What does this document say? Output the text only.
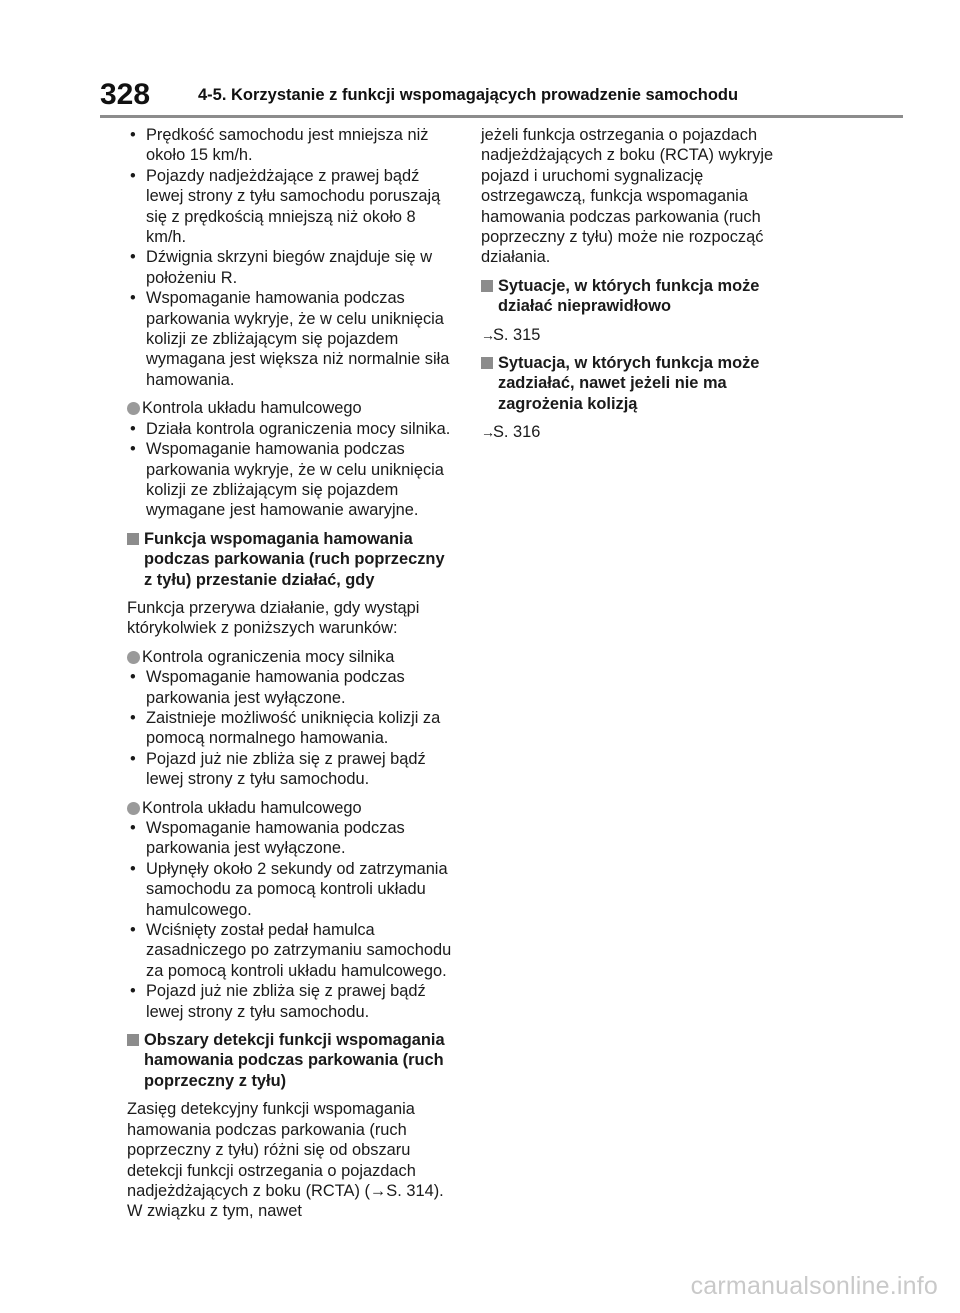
328	4-5. Korzystanie z funkcji wspomagających prowadzenie samochodu
• Prędkość samochodu jest mniejsza niż około 15 km/h.
• Pojazdy nadjeżdżające z prawej bądź lewej strony z tyłu samochodu poruszają się z prędkością mniejszą niż około 8 km/h.
• Dźwignia skrzyni biegów znajduje się w położeniu R.
• Wspomaganie hamowania podczas parkowania wykryje, że w celu uniknięcia kolizji ze zbliżającym się pojazdem wymagana jest większa niż normalnie siła hamowania.
Kontrola układu hamulcowego
• Działa kontrola ograniczenia mocy silnika.
• Wspomaganie hamowania podczas parkowania wykryje, że w celu uniknięcia kolizji ze zbliżającym się pojazdem wymagane jest hamowanie awaryjne.
Funkcja wspomagania hamowania podczas parkowania (ruch poprzeczny z tyłu) przestanie działać, gdy
Funkcja przerywa działanie, gdy wystąpi którykolwiek z poniższych warunków:
Kontrola ograniczenia mocy silnika
• Wspomaganie hamowania podczas parkowania jest wyłączone.
• Zaistnieje możliwość uniknięcia kolizji za pomocą normalnego hamowania.
• Pojazd już nie zbliża się z prawej bądź lewej strony z tyłu samochodu.
Kontrola układu hamulcowego
• Wspomaganie hamowania podczas parkowania jest wyłączone.
• Upłynęły około 2 sekundy od zatrzymania samochodu za pomocą kontroli układu hamulcowego.
• Wciśnięty został pedał hamulca zasadniczego po zatrzymaniu samochodu za pomocą kontroli układu hamulcowego.
• Pojazd już nie zbliża się z prawej bądź lewej strony z tyłu samochodu.
Obszary detekcji funkcji wspomagania hamowania podczas parkowania (ruch poprzeczny z tyłu)
Zasięg detekcyjny funkcji wspomagania hamowania podczas parkowania (ruch poprzeczny z tyłu) różni się od obszaru detekcji funkcji ostrzegania o pojazdach nadjeżdżających z boku (RCTA) (→S. 314). W związku z tym, nawet
jeżeli funkcja ostrzegania o pojazdach nadjeżdżających z boku (RCTA) wykryje pojazd i uruchomi sygnalizację ostrzegawczą, funkcja wspomagania hamowania podczas parkowania (ruch poprzeczny z tyłu) może nie rozpocząć działania.
Sytuacje, w których funkcja może działać nieprawidłowo
→S. 315
Sytuacja, w których funkcja może zadziałać, nawet jeżeli nie ma zagrożenia kolizją
→S. 316
carmanualsonline.info
